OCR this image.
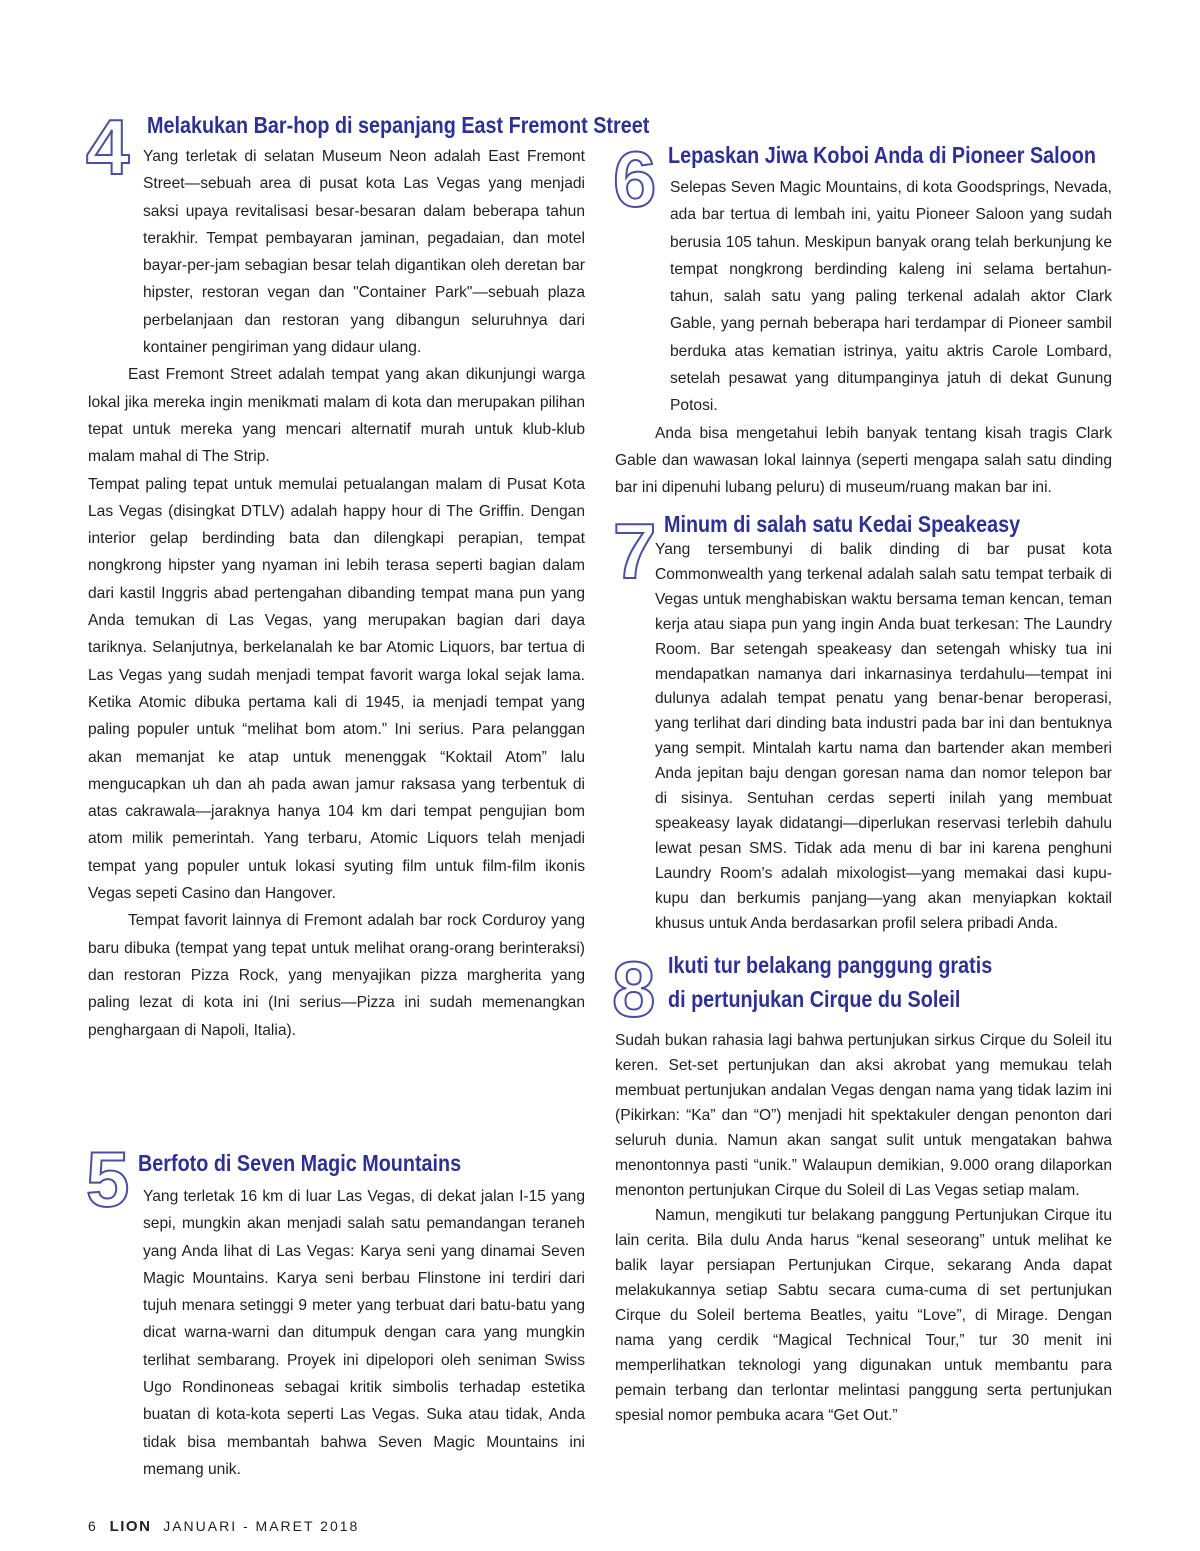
4 Melakukan Bar-hop di sepanjang East Fremont Street

Yang terletak di selatan Museum Neon adalah East Fremont Street—sebuah area di pusat kota Las Vegas yang menjadi saksi upaya revitalisasi besar-besaran dalam beberapa tahun terakhir. Tempat pembayaran jaminan, pegadaian, dan motel bayar-per-jam sebagian besar telah digantikan oleh deretan bar hipster, restoran vegan dan "Container Park"—sebuah plaza perbelanjaan dan restoran yang dibangun seluruhnya dari kontainer pengiriman yang didaur ulang.

East Fremont Street adalah tempat yang akan dikunjungi warga lokal jika mereka ingin menikmati malam di kota dan merupakan pilihan tepat untuk mereka yang mencari alternatif murah untuk klub-klub malam mahal di The Strip.

Tempat paling tepat untuk memulai petualangan malam di Pusat Kota Las Vegas (disingkat DTLV) adalah happy hour di The Griffin. Dengan interior gelap berdinding bata dan dilengkapi perapian, tempat nongkrong hipster yang nyaman ini lebih terasa seperti bagian dalam dari kastil Inggris abad pertengahan dibanding tempat mana pun yang Anda temukan di Las Vegas, yang merupakan bagian dari daya tariknya. Selanjutnya, berkelanalah ke bar Atomic Liquors, bar tertua di Las Vegas yang sudah menjadi tempat favorit warga lokal sejak lama. Ketika Atomic dibuka pertama kali di 1945, ia menjadi tempat yang paling populer untuk “melihat bom atom.” Ini serius. Para pelanggan akan memanjat ke atap untuk menenggak “Koktail Atom” lalu mengucapkan uh dan ah pada awan jamur raksasa yang terbentuk di atas cakrawala—jaraknya hanya 104 km dari tempat pengujian bom atom milik pemerintah. Yang terbaru, Atomic Liquors telah menjadi tempat yang populer untuk lokasi syuting film untuk film-film ikonis Vegas sepeti Casino dan Hangover.

Tempat favorit lainnya di Fremont adalah bar rock Corduroy yang baru dibuka (tempat yang tepat untuk melihat orang-orang berinteraksi) dan restoran Pizza Rock, yang menyajikan pizza margherita yang paling lezat di kota ini (Ini serius—Pizza ini sudah memenangkan penghargaan di Napoli, Italia).

5 Berfoto di Seven Magic Mountains

Yang terletak 16 km di luar Las Vegas, di dekat jalan I-15 yang sepi, mungkin akan menjadi salah satu pemandangan teraneh yang Anda lihat di Las Vegas: Karya seni yang dinamai Seven Magic Mountains. Karya seni berbau Flinstone ini terdiri dari tujuh menara setinggi 9 meter yang terbuat dari batu-batu yang dicat warna-warni dan ditumpuk dengan cara yang mungkin terlihat sembarang. Proyek ini dipelopori oleh seniman Swiss Ugo Rondinoneas sebagai kritik simbolis terhadap estetika buatan di kota-kota seperti Las Vegas. Suka atau tidak, Anda tidak bisa membantah bahwa Seven Magic Mountains ini memang unik.

6 Lepaskan Jiwa Koboi Anda di Pioneer Saloon

Selepas Seven Magic Mountains, di kota Goodsprings, Nevada, ada bar tertua di lembah ini, yaitu Pioneer Saloon yang sudah berusia 105 tahun. Meskipun banyak orang telah berkunjung ke tempat nongkrong berdinding kaleng ini selama bertahun-tahun, salah satu yang paling terkenal adalah aktor Clark Gable, yang pernah beberapa hari terdampar di Pioneer sambil berduka atas kematian istrinya, yaitu aktris Carole Lombard, setelah pesawat yang ditumpanginya jatuh di dekat Gunung Potosi.

Anda bisa mengetahui lebih banyak tentang kisah tragis Clark Gable dan wawasan lokal lainnya (seperti mengapa salah satu dinding bar ini dipenuhi lubang peluru) di museum/ruang makan bar ini.

7 Minum di salah satu Kedai Speakeasy

Yang tersembunyi di balik dinding di bar pusat kota Commonwealth yang terkenal adalah salah satu tempat terbaik di Vegas untuk menghabiskan waktu bersama teman kencan, teman kerja atau siapa pun yang ingin Anda buat terkesan: The Laundry Room. Bar setengah speakeasy dan setengah whisky tua ini mendapatkan namanya dari inkarnasinya terdahulu—tempat ini dulunya adalah tempat penatu yang benar-benar beroperasi, yang terlihat dari dinding bata industri pada bar ini dan bentuknya yang sempit. Mintalah kartu nama dan bartender akan memberi Anda jepitan baju dengan goresan nama dan nomor telepon bar di sisinya. Sentuhan cerdas seperti inilah yang membuat speakeasy layak didatangi—diperlukan reservasi terlebih dahulu lewat pesan SMS. Tidak ada menu di bar ini karena penghuni Laundry Room's adalah mixologist—yang memakai dasi kupu-kupu dan berkumis panjang—yang akan menyiapkan koktail khusus untuk Anda berdasarkan profil selera pribadi Anda.

8 Ikuti tur belakang panggung gratis
di pertunjukan Cirque du Soleil

Sudah bukan rahasia lagi bahwa pertunjukan sirkus Cirque du Soleil itu keren. Set-set pertunjukan dan aksi akrobat yang memukau telah membuat pertunjukan andalan Vegas dengan nama yang tidak lazim ini (Pikirkan: “Ka” dan “O”) menjadi hit spektakuler dengan penonton dari seluruh dunia. Namun akan sangat sulit untuk mengatakan bahwa menontonnya pasti “unik.” Walaupun demikian, 9.000 orang dilaporkan menonton pertunjukan Cirque du Soleil di Las Vegas setiap malam.

Namun, mengikuti tur belakang panggung Pertunjukan Cirque itu lain cerita. Bila dulu Anda harus “kenal seseorang” untuk melihat ke balik layar persiapan Pertunjukan Cirque, sekarang Anda dapat melakukannya setiap Sabtu secara cuma-cuma di set pertunjukan Cirque du Soleil bertema Beatles, yaitu “Love”, di Mirage. Dengan nama yang cerdik “Magical Technical Tour,” tur 30 menit ini memperlihatkan teknologi yang digunakan untuk membantu para pemain terbang dan terlontar melintasi panggung serta pertunjukan spesial nomor pembuka acara “Get Out.”

6 LION JANUARI - MARET 2018
